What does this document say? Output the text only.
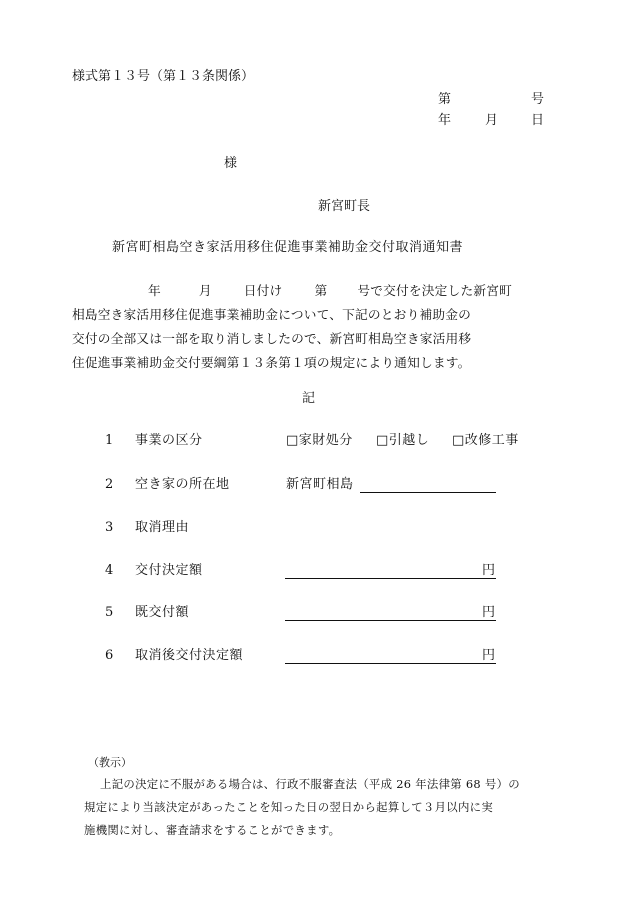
様式第１３号（第１３条関係）
第	号
年	月	日
様
新宮町長
新宮町相島空き家活用移住促進事業補助金交付取消通知書
年	月	日付け	第 号で交付を決定した新宮町
相島空き家活用移住促進事業補助金について、下記のとおり補助金の
交付の全部又は一部を取り消しましたので、新宮町相島空き家活用移
住促進事業補助金交付要綱第１３条第１項の規定により通知します。
記
1 事業の区分	□家財処分 □引越し □改修工事
2 空き家の所在地	新宮町相島
3 取消理由
4 交付決定額	円
5 既交付額	円
6 取消後交付決定額	円
（教示）
上記の決定に不服がある場合は、行政不服審査法（平成 26 年法律第 68 号）の
規定により当該決定があったことを知った日の翌日から起算して３月以内に実
施機関に対し、審査請求をすることができます。
